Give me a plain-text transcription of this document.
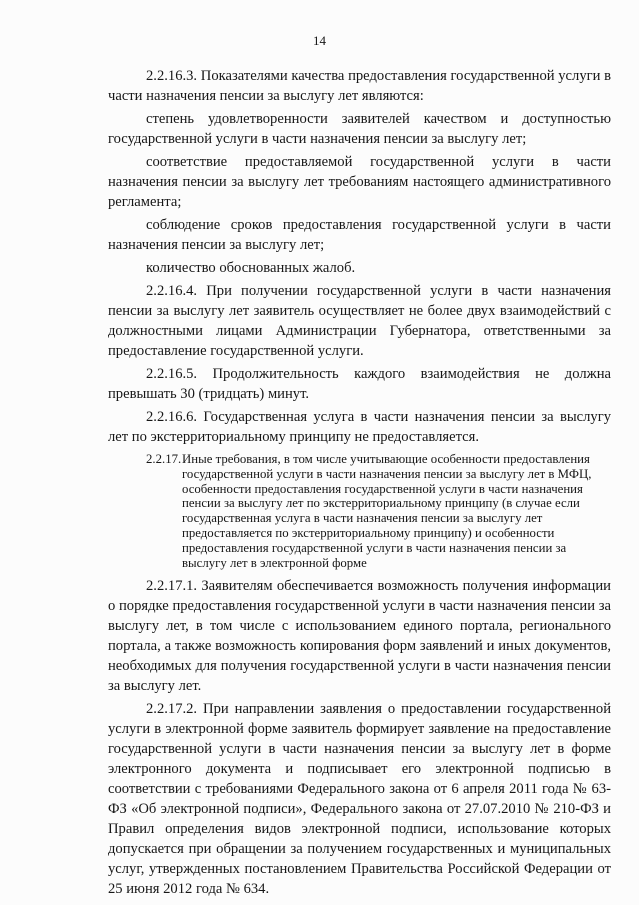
14

2.2.16.3. Показателями качества предоставления государственной услуги в части назначения пенсии за выслугу лет являются:

степень удовлетворенности заявителей качеством и доступностью государственной услуги в части назначения пенсии за выслугу лет;

соответствие предоставляемой государственной услуги в части назначения пенсии за выслугу лет требованиям настоящего административного регламента;

соблюдение сроков предоставления государственной услуги в части назначения пенсии за выслугу лет;

количество обоснованных жалоб.

2.2.16.4. При получении государственной услуги в части назначения пенсии за выслугу лет заявитель осуществляет не более двух взаимодействий с должностными лицами Администрации Губернатора, ответственными за предоставление государственной услуги.

2.2.16.5. Продолжительность каждого взаимодействия не должна превышать 30 (тридцать) минут.

2.2.16.6. Государственная услуга в части назначения пенсии за выслугу лет по экстерриториальному принципу не предоставляется.

2.2.17. Иные требования, в том числе учитывающие особенности предоставления государственной услуги в части назначения пенсии за выслугу лет в МФЦ, особенности предоставления государственной услуги в части назначения пенсии за выслугу лет по экстерриториальному принципу (в случае если государственная услуга в части назначения пенсии за выслугу лет предоставляется по экстерриториальному принципу) и особенности предоставления государственной услуги в части назначения пенсии за выслугу лет в электронной форме

2.2.17.1. Заявителям обеспечивается возможность получения информации о порядке предоставления государственной услуги в части назначения пенсии за выслугу лет, в том числе с использованием единого портала, регионального портала, а также возможность копирования форм заявлений и иных документов, необходимых для получения государственной услуги в части назначения пенсии за выслугу лет.

2.2.17.2. При направлении заявления о предоставлении государственной услуги в электронной форме заявитель формирует заявление на предоставление государственной услуги в части назначения пенсии за выслугу лет в форме электронного документа и подписывает его электронной подписью в соответствии с требованиями Федерального закона от 6 апреля 2011 года № 63-ФЗ «Об электронной подписи», Федерального закона от 27.07.2010 № 210-ФЗ и Правил определения видов электронной подписи, использование которых допускается при обращении за получением государственных и муниципальных услуг, утвержденных постановлением Правительства Российской Федерации от 25 июня 2012 года № 634.
